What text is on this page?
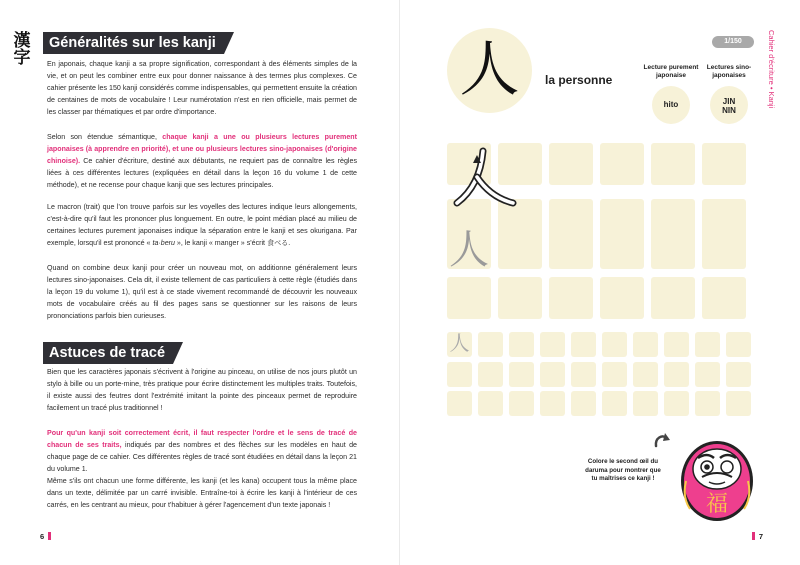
漢字
Généralités sur les kanji

En japonais, chaque kanji a sa propre signification, correspondant à des éléments simples de la vie, et on peut les combiner entre eux pour donner naissance à des termes plus complexes. Ce cahier présente les 150 kanji considérés comme indispensables, qui permettent ensuite la création de centaines de mots de vocabulaire ! Leur numérotation n'est en rien officielle, mais permet de les classer par thématiques et par ordre d'importance.

Selon son étendue sémantique, chaque kanji a une ou plusieurs lectures purement japonaises (à apprendre en priorité), et une ou plusieurs lectures sino-japonaises (d'origine chinoise). Ce cahier d'écriture, destiné aux débutants, ne requiert pas de connaître les règles liées à ces différentes lectures (expliquées en détail dans la leçon 16 du volume 1 de cette méthode), et ne recense pour chaque kanji que ses lectures principales.

Le macron (trait) que l'on trouve parfois sur les voyelles des lectures indique leurs allongements, c'est-à-dire qu'il faut les prononcer plus longuement. En outre, le point médian placé au milieu de certaines lectures purement japonaises indique la séparation entre le kanji et ses okurigana. Par exemple, lorsqu'il est prononcé « ta·beru », le kanji « manger » s'écrit 食べる.

Quand on combine deux kanji pour créer un nouveau mot, on additionne généralement leurs lectures sino-japonaises. Cela dit, il existe tellement de cas particuliers à cette règle (étudiés dans la leçon 19 du volume 1), qu'il est à ce stade vivement recommandé de découvrir les nouveaux mots de vocabulaire créés au fil des pages sans se questionner sur les raisons de leurs prononciations parfois bien curieuses.

Astuces de tracé

Bien que les caractères japonais s'écrivent à l'origine au pinceau, on utilise de nos jours plutôt un stylo à bille ou un porte-mine, très pratique pour écrire distinctement les multiples traits. Toutefois, il existe aussi des feutres dont l'extrémité imitant la pointe des pinceaux permet de reproduire facilement un tracé plus traditionnel !

Pour qu'un kanji soit correctement écrit, il faut respecter l'ordre et le sens de tracé de chacun de ses traits, indiqués par des nombres et des flèches sur les modèles en haut de chaque page de ce cahier. Ces différentes règles de tracé sont étudiées en détail dans la leçon 21 du volume 1.

Même s'ils ont chacun une forme différente, les kanji (et les kana) occupent tous la même place dans un texte, délimitée par un carré invisible. Entraîne-toi à écrire les kanji à l'intérieur de ces carrés, en les centrant au mieux, pour t'habituer à gérer l'agencement d'un texte japonais !

6
人	la personne
1/150	Cahier d'écriture • Kanji
Lecture purement japonaise
Lectures sino-japonaises
hito	JIN
NIN
人
人
Colore le second œil du daruma pour montrer que tu maîtrises ce kanji !
福
7
